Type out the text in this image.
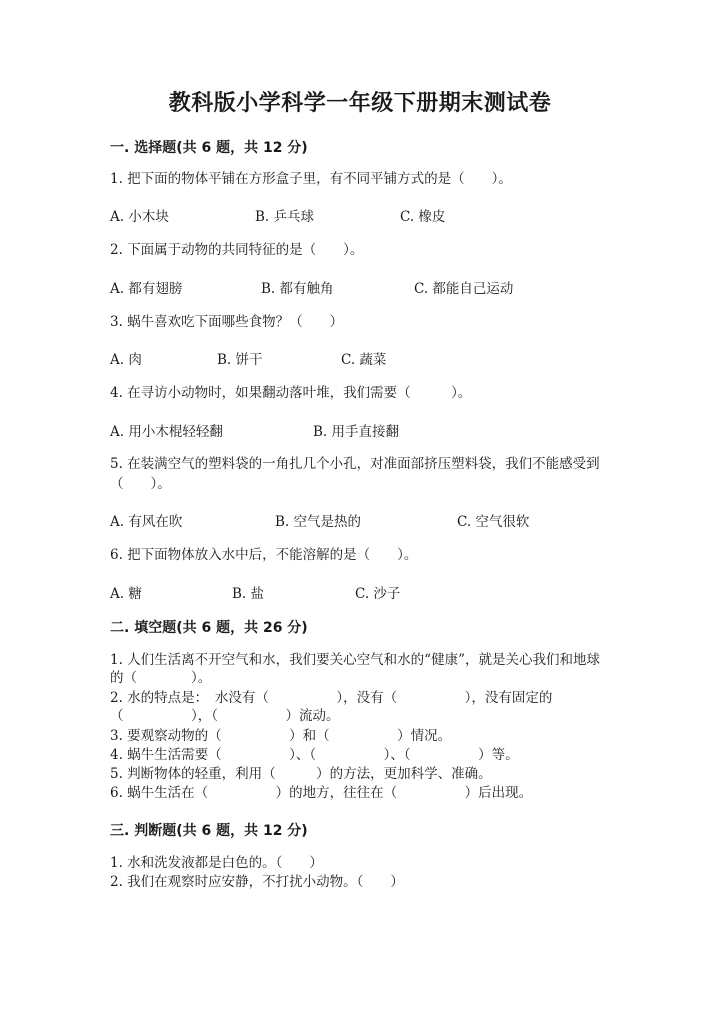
教科版小学科学一年级下册期末测试卷
一. 选择题(共 6 题，共 12 分)
1. 把下面的物体平铺在方形盒子里，有不同平铺方式的是（　　）。
A. 小木块	B. 乒乓球	C. 橡皮
2. 下面属于动物的共同特征的是（　　）。
A. 都有翅膀	B. 都有触角	C. 都能自己运动
3. 蜗牛喜欢吃下面哪些食物？（　　）
A. 肉	B. 饼干	C. 蔬菜
4. 在寻访小动物时，如果翻动落叶堆，我们需要（　　　）。
A. 用小木棍轻轻翻	B. 用手直接翻
5. 在装满空气的塑料袋的一角扎几个小孔，对准面部挤压塑料袋，我们不能感受到（　　）。
A. 有风在吹	B. 空气是热的	C. 空气很软
6. 把下面物体放入水中后，不能溶解的是（　　）。
A. 糖	B. 盐	C. 沙子
二. 填空题(共 6 题，共 26 分)
1. 人们生活离不开空气和水，我们要关心空气和水的“健康”，就是关心我们和地球的（　　　　）。
2. 水的特点是：　水没有（　　　　　），没有（　　　　　），没有固定的（　　　　　），（　　　　　）流动。
3. 要观察动物的（　　　　　）和（　　　　　）情况。
4. 蜗牛生活需要（　　　　　）、（　　　　　）、（　　　　　）等。
5. 判断物体的轻重，利用（　　　）的方法，更加科学、准确。
6. 蜗牛生活在（　　　　　）的地方，往往在（　　　　　）后出现。
三. 判断题(共 6 题，共 12 分)
1. 水和洗发液都是白色的。（　　）
2. 我们在观察时应安静，不打扰小动物。（　　）
